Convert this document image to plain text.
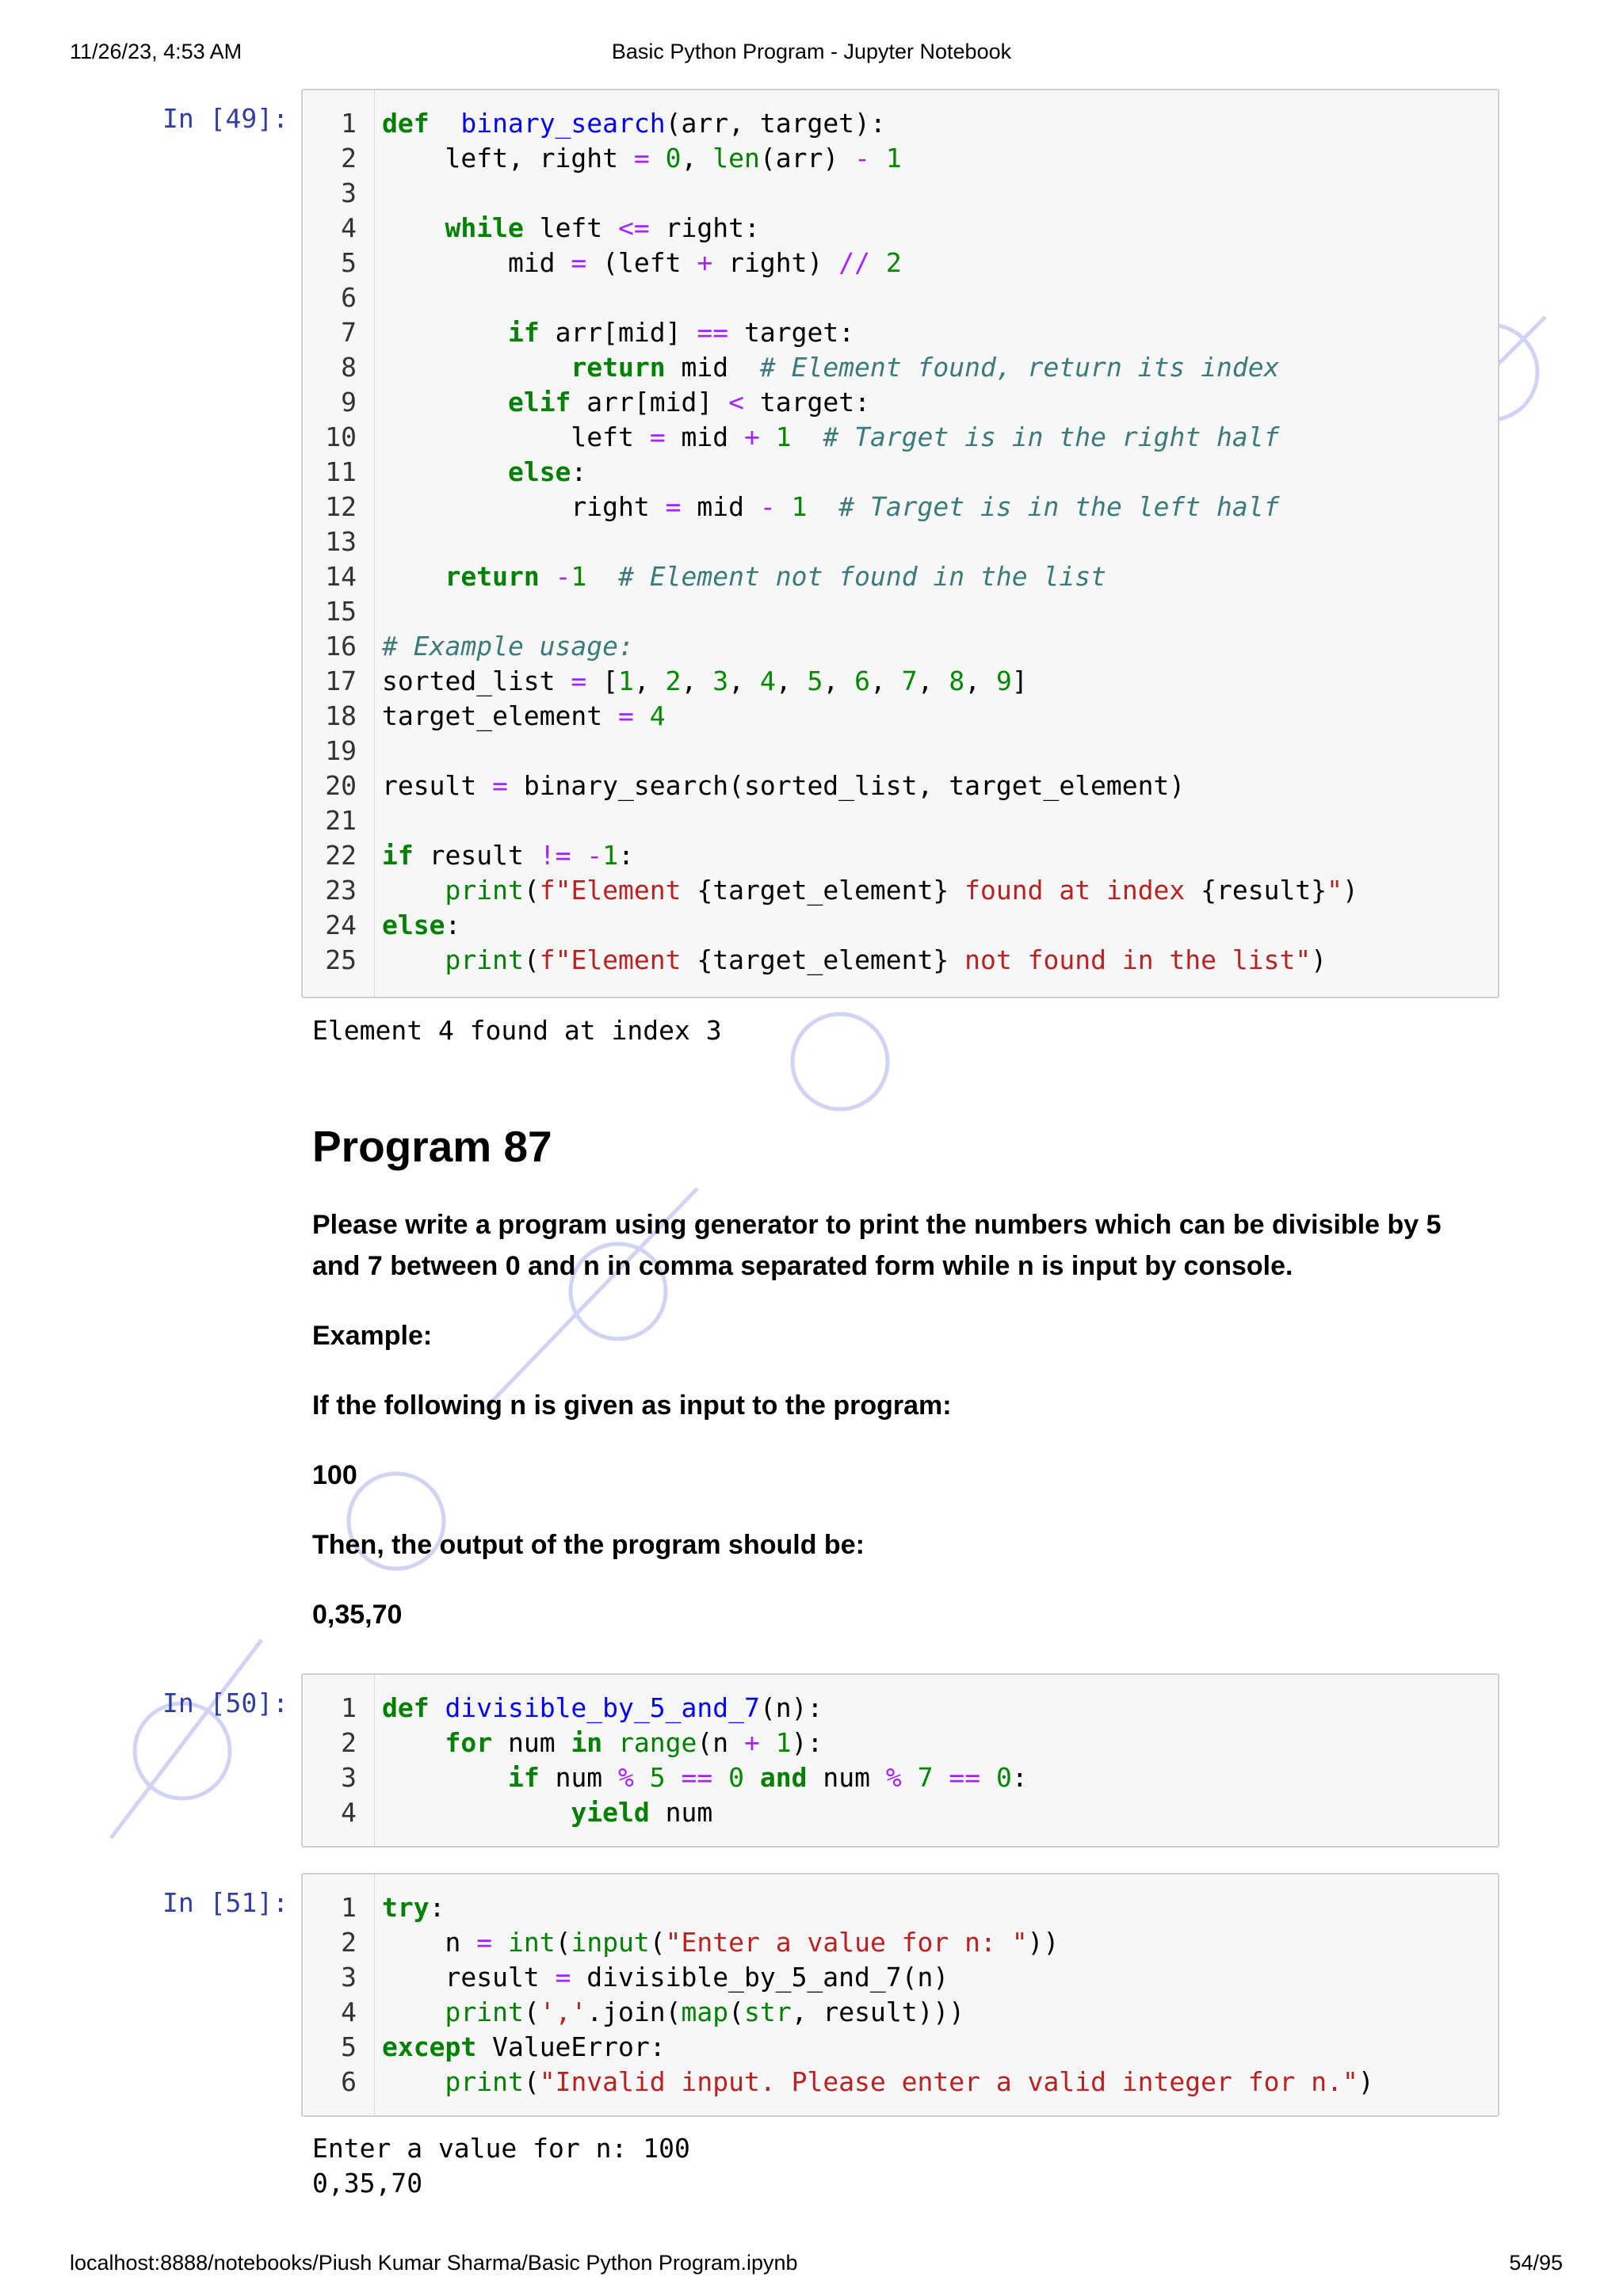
11/26/23, 4:53 AM	Basic Python Program - Jupyter Notebook
In [49]:	1 def binary_search(arr, target):
2 left, right = 0, len(arr) - 1
3
4	while left <= right:
5 mid = (left + right) // 2
6
7	if arr[mid] == target:
8	return mid  # Element found, return its index
9	elif arr[mid] < target:
10 left = mid + 1 # Target is in the right half
11	else:
12 right = mid - 1 # Target is in the left half
13
14	return -1 # Element not found in the list
15
16 # Example usage:
17 sorted_list = [1, 2, 3, 4, 5, 6, 7, 8, 9]
18 target_element = 4
19
20 result = binary_search(sorted_list, target_element)
21
22 if result != -1:
23	print(f"Element {target_element} found at index {result}")
24 else:
25	print(f"Element {target_element} not found in the list")
Element 4 found at index 3
Program 87
Please write a program using generator to print the numbers which can be divisible by 5 and 7 between 0 and n in comma separated form while n is input by console.
Example:
If the following n is given as input to the program:
100
Then, the output of the program should be:
0,35,70
In [50]:	1 def divisible_by_5_and_7(n):
2	for num in range(n + 1):
3	if num % 5 == 0 and num % 7 == 0:
4	yield num
In [51]:	1 try:
2 n = int(input("Enter a value for n: "))
3 result = divisible_by_5_and_7(n)
4	print(','.join(map(str, result)))
5 except ValueError:
6	print("Invalid input. Please enter a valid integer for n.")
Enter a value for n: 100
0,35,70
localhost:8888/notebooks/Piush Kumar Sharma/Basic Python Program.ipynb	54/95
